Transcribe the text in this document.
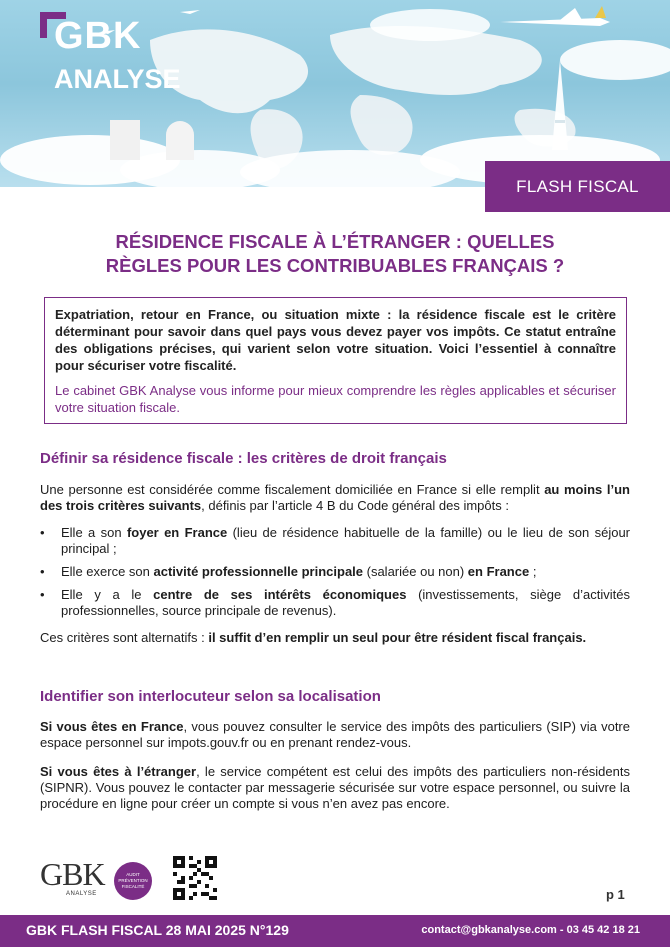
GBK
ANALYSE
FLASH FISCAL
RÉSIDENCE FISCALE À L’ÉTRANGER : QUELLES
RÈGLES POUR LES CONTRIBUABLES FRANÇAIS ?

Expatriation, retour en France, ou situation mixte : la résidence fiscale est le critère déterminant pour savoir dans quel pays vous devez payer vos impôts. Ce statut entraîne des obligations précises, qui varient selon votre situation. Voici l’essentiel à connaître pour sécuriser votre fiscalité.

Le cabinet GBK Analyse vous informe pour mieux comprendre les règles applicables et sécuriser votre situation fiscale.

Définir sa résidence fiscale : les critères de droit français

Une personne est considérée comme fiscalement domiciliée en France si elle remplit au moins l’un des trois critères suivants, définis par l’article 4 B du Code général des impôts :

• Elle a son foyer en France (lieu de résidence habituelle de la famille) ou le lieu de son séjour principal ;
• Elle exerce son activité professionnelle principale (salariée ou non) en France ;
• Elle y a le centre de ses intérêts économiques (investissements, siège d’activités professionnelles, source principale de revenus).

Ces critères sont alternatifs : il suffit d’en remplir un seul pour être résident fiscal français.

Identifier son interlocuteur selon sa localisation

Si vous êtes en France, vous pouvez consulter le service des impôts des particuliers (SIP) via votre espace personnel sur impots.gouv.fr ou en prenant rendez-vous.

Si vous êtes à l’étranger, le service compétent est celui des impôts des particuliers non-résidents (SIPNR). Vous pouvez le contacter par messagerie sécurisée sur votre espace personnel, ou suivre la procédure en ligne pour créer un compte si vous n’en avez pas encore.

GBK
ANALYSE
AUDIT
PRÉVENTION
FISCALITÉ
p 1
GBK FLASH FISCAL 28 MAI 2025 N°129	contact@gbkanalyse.com - 03 45 42 18 21
